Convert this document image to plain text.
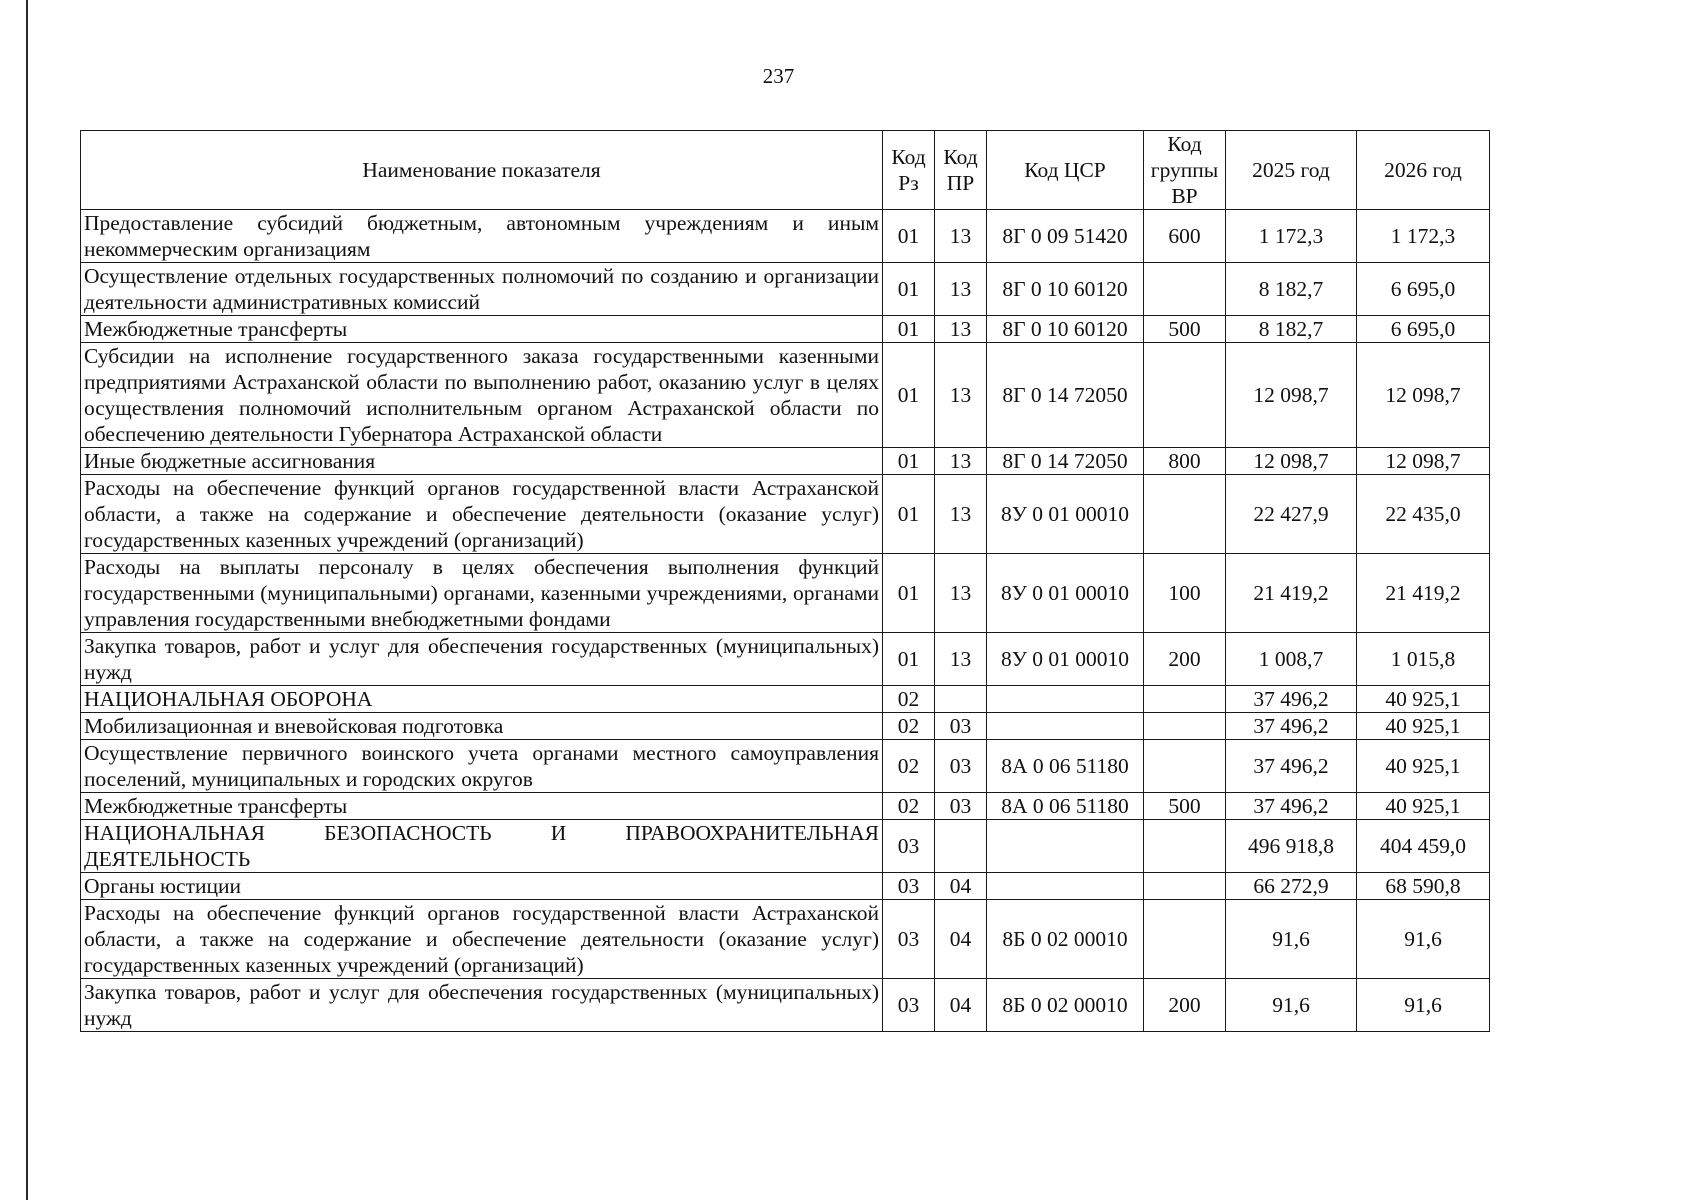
237
Наименование показателя	Код Рз	Код ПР	Код ЦСР	Код группы ВР	2025 год	2026 год
Предоставление субсидий бюджетным, автономным учреждениям и иным некоммерческим организациям	01	13	8Г 0 09 51420	600	1 172,3	1 172,3
Осуществление отдельных государственных полномочий по созданию и организации деятельности административных комиссий	01	13	8Г 0 10 60120		8 182,7	6 695,0
Межбюджетные трансферты	01	13	8Г 0 10 60120	500	8 182,7	6 695,0
Субсидии на исполнение государственного заказа государственными казенными предприятиями Астраханской области по выполнению работ, оказанию услуг в целях осуществления полномочий исполнительным органом Астраханской области по обеспечению деятельности Губернатора Астраханской области	01	13	8Г 0 14 72050		12 098,7	12 098,7
Иные бюджетные ассигнования	01	13	8Г 0 14 72050	800	12 098,7	12 098,7
Расходы на обеспечение функций органов государственной власти Астраханской области, а также на содержание и обеспечение деятельности (оказание услуг) государственных казенных учреждений (организаций)	01	13	8У 0 01 00010		22 427,9	22 435,0
Расходы на выплаты персоналу в целях обеспечения выполнения функций государственными (муниципальными) органами, казенными учреждениями, органами управления государственными внебюджетными фондами	01	13	8У 0 01 00010	100	21 419,2	21 419,2
Закупка товаров, работ и услуг для обеспечения государственных (муниципальных) нужд	01	13	8У 0 01 00010	200	1 008,7	1 015,8
НАЦИОНАЛЬНАЯ ОБОРОНА	02				37 496,2	40 925,1
Мобилизационная и вневойсковая подготовка	02	03			37 496,2	40 925,1
Осуществление первичного воинского учета органами местного самоуправления поселений, муниципальных и городских округов	02	03	8А 0 06 51180		37 496,2	40 925,1
Межбюджетные трансферты	02	03	8А 0 06 51180	500	37 496,2	40 925,1
НАЦИОНАЛЬНАЯ БЕЗОПАСНОСТЬ И ПРАВООХРАНИТЕЛЬНАЯ ДЕЯТЕЛЬНОСТЬ	03				496 918,8	404 459,0
Органы юстиции	03	04			66 272,9	68 590,8
Расходы на обеспечение функций органов государственной власти Астраханской области, а также на содержание и обеспечение деятельности (оказание услуг) государственных казенных учреждений (организаций)	03	04	8Б 0 02 00010		91,6	91,6
Закупка товаров, работ и услуг для обеспечения государственных (муниципальных) нужд	03	04	8Б 0 02 00010	200	91,6	91,6
